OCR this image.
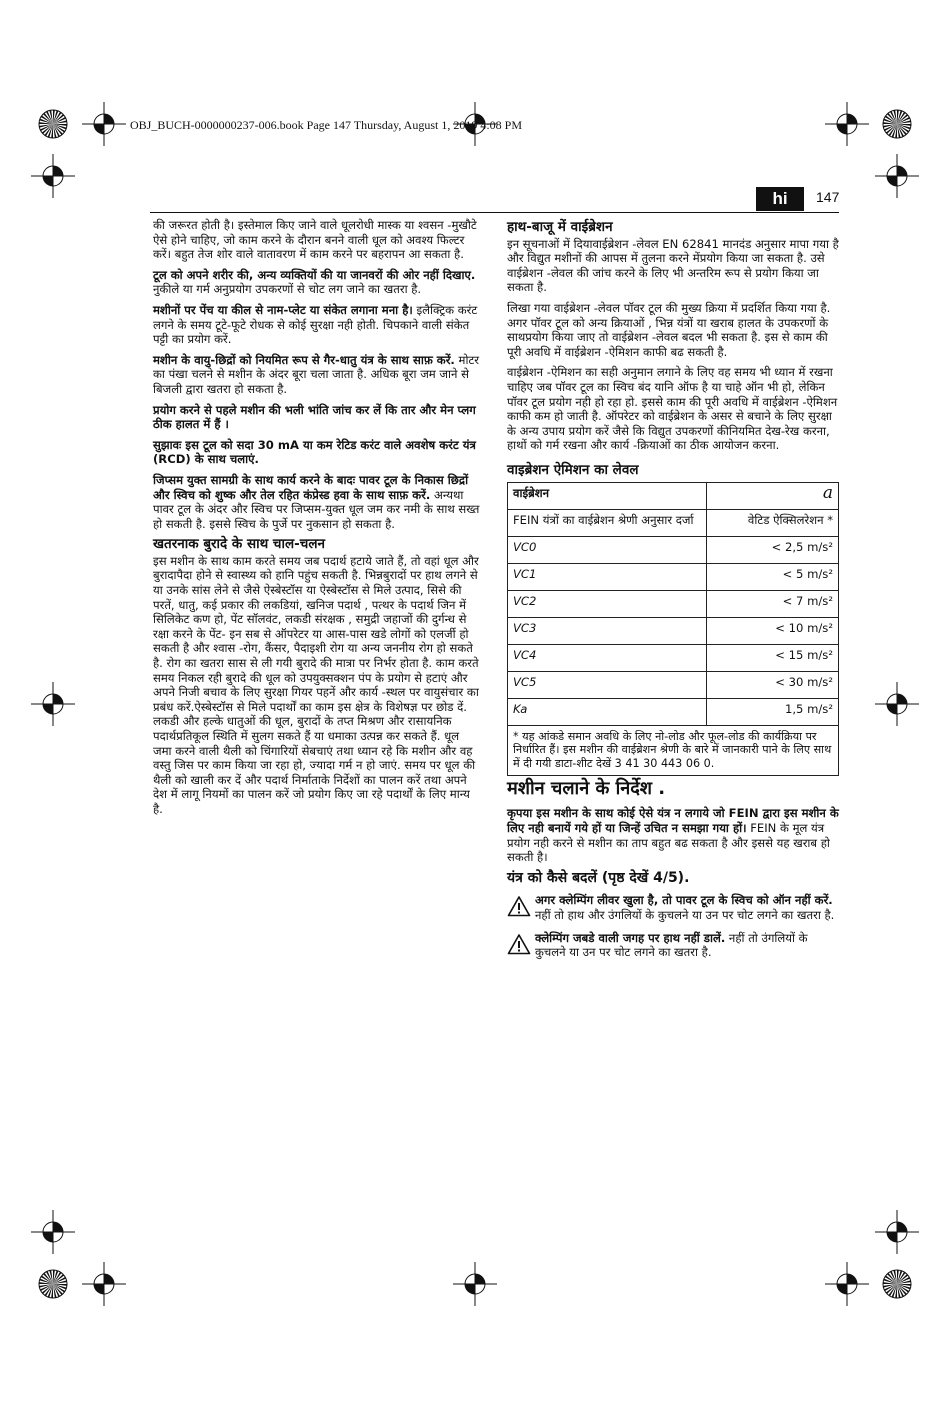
OBJ_BUCH-0000000237-006.book Page 147 Thursday, August 1, 2019 4:08 PM
hi	147

की जरूरत होती है। इस्तेमाल किए जाने वाले धूलरोधी मास्क या श्वसन -मुखौटे ऐसे होने चाहिए, जो काम करने के दौरान बनने वाली धूल को अवश्य फिल्टर करें। बहुत तेज शोर वाले वातावरण में काम करने पर बहरापन आ सकता है.

टूल को अपने शरीर की, अन्य व्यक्तियों की या जानवरों की ओर नहीं दिखाए. नुकीले या गर्म अनुप्रयोग उपकरणों से चोट लग जाने का खतरा है.

मशीनों पर पेंच या कील से नाम-प्लेट या संकेत लगाना मना है। इलैक्ट्रिक करंट लगने के समय टूटे-फूटे रोधक से कोई सुरक्षा नही होती. चिपकाने वाली संकेत पट्टी का प्रयोग करें.

मशीन के वायु-छिद्रों को नियमित रूप से गैर-धातु यंत्र के साथ साफ़ करें. मोटर का पंखा चलने से मशीन के अंदर बूरा चला जाता है. अधिक बूरा जम जाने से बिजली द्वारा खतरा हो सकता है.

प्रयोग करने से पहले मशीन की भली भांति जांच कर लें कि तार और मेन प्लग ठीक हालत में हैं ।

सुझावः इस टूल को सदा 30 mA या कम रेटिड करंट वाले अवशेष करंट यंत्र (RCD) के साथ चलाएं.

जिप्सम युक्त सामग्री के साथ कार्य करने के बादः पावर टूल के निकास छिद्रों और स्विच को शुष्क और तेल रहित कंप्रेस्ड हवा के साथ साफ़ करें. अन्यथा पावर टूल के अंदर और स्विच पर जिप्सम-युक्त धूल जम कर नमी के साथ सख्त हो सकती है. इससे स्विच के पुर्जे पर नुकसान हो सकता है.

खतरनाक बुरादे के साथ चाल-चलन

इस मशीन के साथ काम करते समय जब पदार्थ हटाये जाते हैं, तो वहां धूल और बुरादापैदा होने से स्वास्थ्य को हानि पहुंच सकती है. भिन्नबुरादों पर हाथ लगने से या उनके सांस लेने से जैसे ऐस्बेस्टॉस या ऐस्बेस्टॉस से मिले उत्पाद, सिसे की परतें, धातु, कई प्रकार की लकडियां, खनिज पदार्थ , पत्थर के पदार्थ जिन में सिलिकेट कण हो, पेंट सॉलवंट, लकडी संरक्षक , समुद्री जहाजों की दुर्गन्ध से रक्षा करने के पेंट- इन सब से ऑपरेटर या आस-पास खडे लोगों को एलर्जी हो सकती है और श्वास -रोग, कैंसर, पैदाइशी रोग या अन्य जननीय रोग हो सकते है. रोग का खतरा सास से ली गयी बुरादे की मात्रा पर निर्भर होता है. काम करते समय निकल रही बुरादे की धूल को उपयुक्सक्शन पंप के प्रयोग से हटाएं और अपने निजी बचाव के लिए सुरक्षा गियर पहनें और कार्य -स्थल पर वायुसंचार का प्रबंध करें.ऐस्बेस्टॉस से मिले पदार्थों का काम इस क्षेत्र के विशेषज्ञ पर छोड दें. लकडी और हल्के धातुओं की धूल, बुरादों के तप्त मिश्रण और रासायनिक पदार्थप्रतिकूल स्थिति में सुलग सकते हैं या धमाका उत्पन्न कर सकते हैं. धूल जमा करने वाली थैली को चिंगारियों सेबचाएं तथा ध्यान रहे कि मशीन और वह वस्तु जिस पर काम किया जा रहा हो, ज्यादा गर्म न हो जाएं. समय पर धूल की थैली को खाली कर दें और पदार्थ निर्माताके निर्देशों का पालन करें तथा अपने देश में लागू नियमों का पालन करें जो प्रयोग किए जा रहे पदार्थों के लिए मान्य है.

हाथ-बाजू में वाईब्रेशन

इन सूचनाओं में दियावाईब्रेशन -लेवल EN 62841 मानदंड अनुसार मापा गया है और विद्युत मशीनों की आपस में तुलना करने मेंप्रयोग किया जा सकता है. उसे वाईब्रेशन -लेवल की जांच करने के लिए भी अन्तरिम रूप से प्रयोग किया जा सकता है.

लिखा गया वाईब्रेशन -लेवल पॉवर टूल की मुख्य क्रिया में प्रदर्शित किया गया है. अगर पॉवर टूल को अन्य क्रियाओं , भिन्न यंत्रों या खराब हालत के उपकरणों के साथप्रयोग किया जाए तो वाईब्रेशन -लेवल बदल भी सकता है. इस से काम की पूरी अवधि में वाईब्रेशन -ऐमिशन काफी बढ सकती है.

वाईब्रेशन -ऐमिशन का सही अनुमान लगाने के लिए वह समय भी ध्यान में रखना चाहिए जब पॉवर टूल का स्विच बंद यानि ऑफ है या चाहे ऑन भी हो, लेकिन पॉवर टूल प्रयोग नही हो रहा हो. इससे काम की पूरी अवधि में वाईब्रेशन -ऐमिशन काफी कम हो जाती है. ऑपरेटर को वाईब्रेशन के असर से बचाने के लिए सुरक्षा के अन्य उपाय प्रयोग करें जैसे कि विद्युत उपकरणों कीनियमित देख-रेख करना, हाथों को गर्म रखना और कार्य -क्रियाओं का ठीक आयोजन करना.

वाइब्रेशन ऐमिशन का लेवल
वाईब्रेशन	a
FEIN यंत्रों का वाईब्रेशन श्रेणी अनुसार दर्जा	वेटिड ऐक्सिलरेशन *
VC0	< 2,5 m/s²
VC1	< 5 m/s²
VC2	< 7 m/s²
VC3	< 10 m/s²
VC4	< 15 m/s²
VC5	< 30 m/s²
Ka	1,5 m/s²
* यह आंकडे समान अवधि के लिए नो-लोड और फूल-लोड की कार्यक्रिया पर निर्धारित हैं। इस मशीन की वाईब्रेशन श्रेणी के बारे में जानकारी पाने के लिए साथ में दी गयी डाटा-शीट देखें 3 41 30 443 06 0.
मशीन चलाने के निर्देश .

कृपया इस मशीन के साथ कोई ऐसे यंत्र न लगाये जो FEIN द्वारा इस मशीन के लिए नही बनायें गये हों या जिन्हें उचित न समझा गया हों। FEIN के मूल यंत्र प्रयोग नही करने से मशीन का ताप बहुत बढ सकता है और इससे यह खराब हो सकती है।

यंत्र को कैसे बदलें (पृष्ठ देखें 4/5).
अगर क्लेम्पिंग लीवर खुला है, तो पावर टूल के स्विच को ऑन नहीं करें. नहीं तो हाथ और उंगलियों के कुचलने या उन पर चोट लगने का खतरा है.
क्लेम्पिंग जबडे वाली जगह पर हाथ नहीं डालें. नहीं तो उंगलियों के कुचलने या उन पर चोट लगने का खतरा है.
